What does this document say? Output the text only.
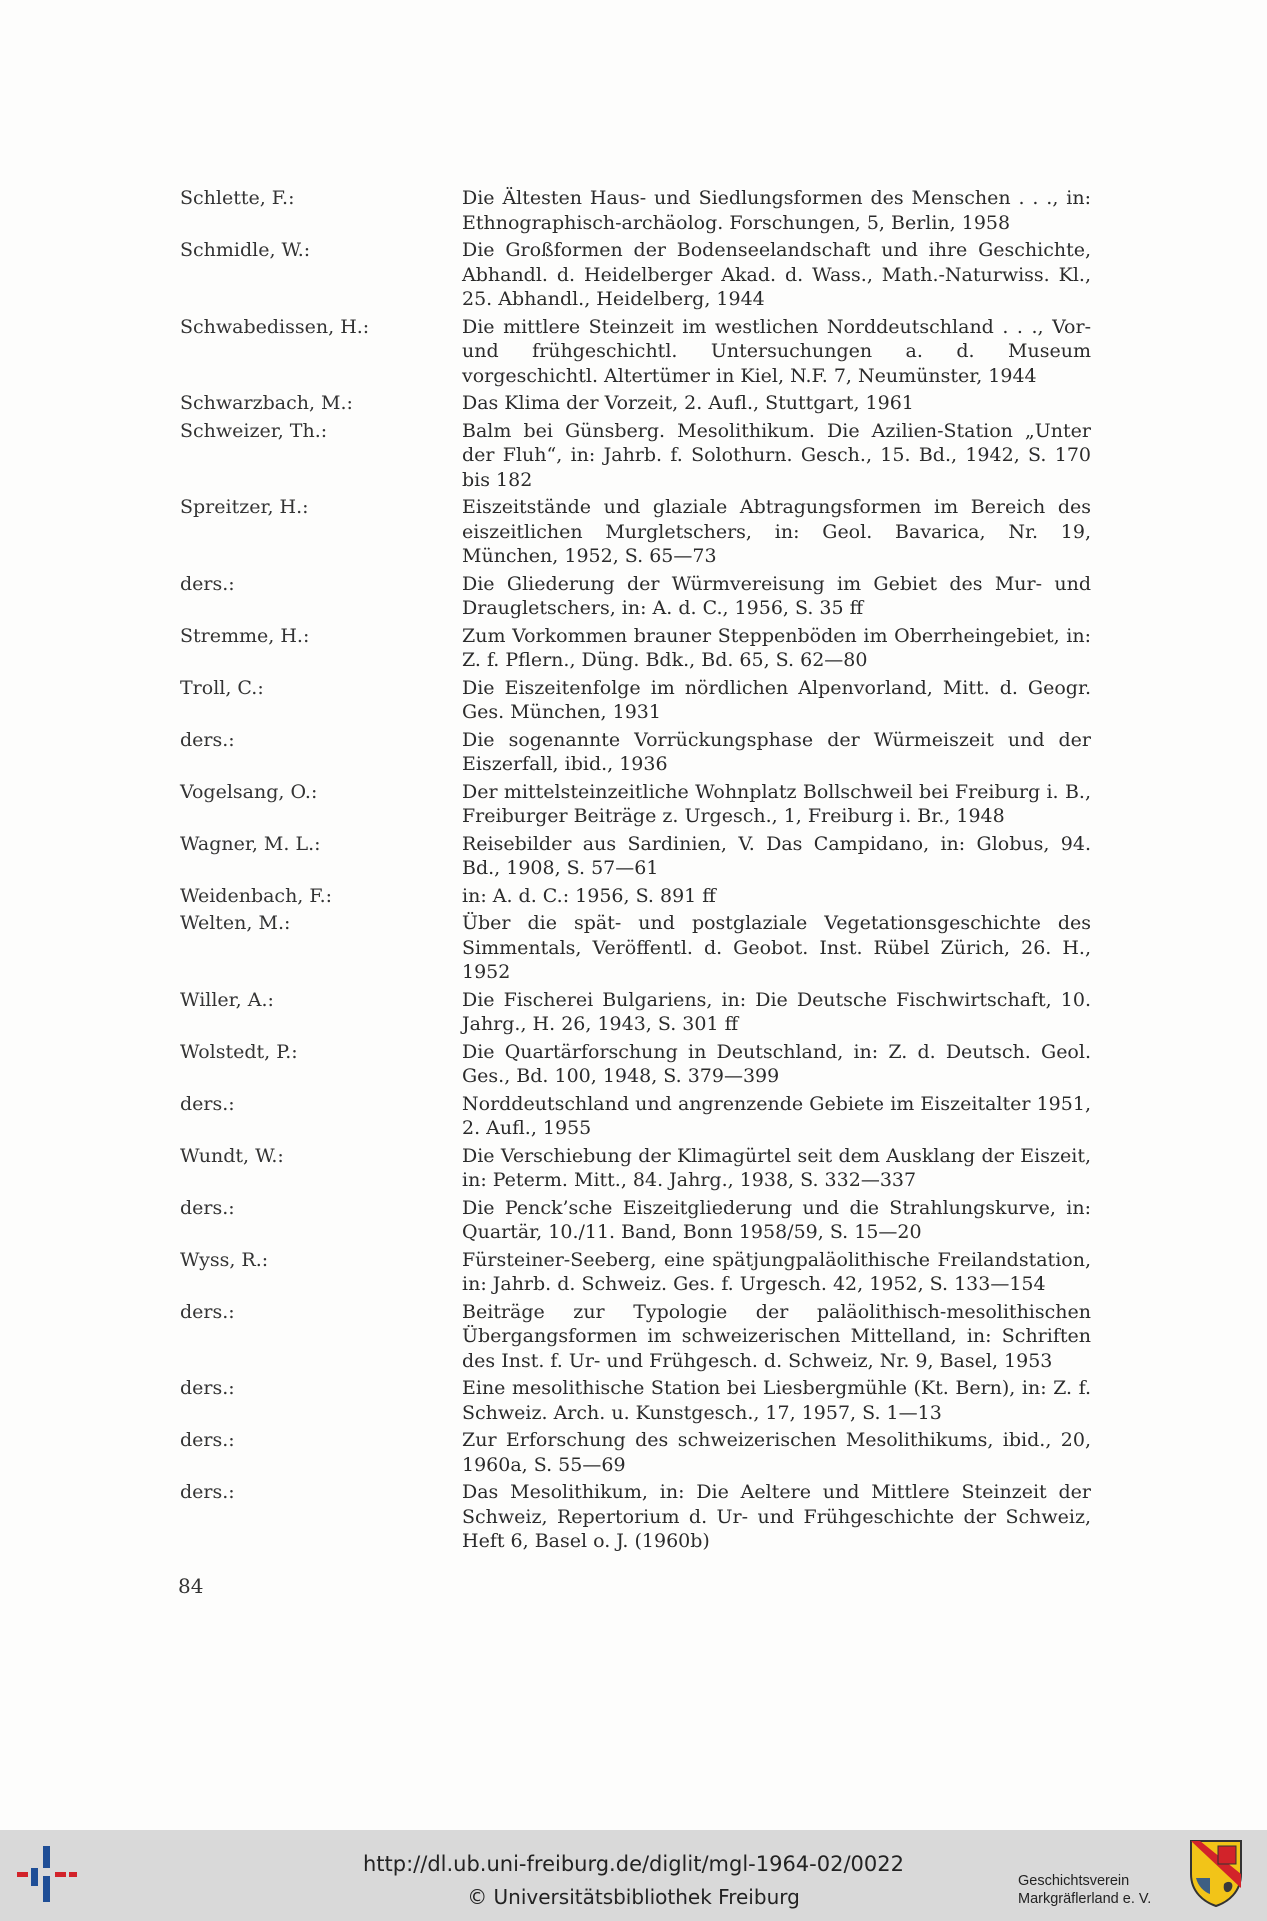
Schlette, F.:	Die Ältesten Haus- und Siedlungsformen des Menschen . . ., in: Ethnographisch-archäolog. Forschungen, 5, Berlin, 1958
Schmidle, W.:	Die Großformen der Bodenseelandschaft und ihre Geschichte, Abhandl. d. Heidelberger Akad. d. Wass., Math.-Naturwiss. Kl., 25. Abhandl., Heidelberg, 1944
Schwabedissen, H.:	Die mittlere Steinzeit im westlichen Norddeutschland . . ., Vor- und frühgeschichtl. Untersuchungen a. d. Museum vorgeschichtl. Altertümer in Kiel, N.F. 7, Neumünster, 1944
Schwarzbach, M.:	Das Klima der Vorzeit, 2. Aufl., Stuttgart, 1961
Schweizer, Th.:	Balm bei Günsberg. Mesolithikum. Die Azilien-Station „Unter der Fluh“, in: Jahrb. f. Solothurn. Gesch., 15. Bd., 1942, S. 170 bis 182
Spreitzer, H.:	Eiszeitstände und glaziale Abtragungsformen im Bereich des eiszeitlichen Murgletschers, in: Geol. Bavarica, Nr. 19, München, 1952, S. 65—73
ders.:	Die Gliederung der Würmvereisung im Gebiet des Mur- und Draugletschers, in: A. d. C., 1956, S. 35 ff
Stremme, H.:	Zum Vorkommen brauner Steppenböden im Oberrheingebiet, in: Z. f. Pflern., Düng. Bdk., Bd. 65, S. 62—80
Troll, C.:	Die Eiszeitenfolge im nördlichen Alpenvorland, Mitt. d. Geogr. Ges. München, 1931
ders.:	Die sogenannte Vorrückungsphase der Würmeiszeit und der Eiszerfall, ibid., 1936
Vogelsang, O.:	Der mittelsteinzeitliche Wohnplatz Bollschweil bei Freiburg i. B., Freiburger Beiträge z. Urgesch., 1, Freiburg i. Br., 1948
Wagner, M. L.:	Reisebilder aus Sardinien, V. Das Campidano, in: Globus, 94. Bd., 1908, S. 57—61
Weidenbach, F.:	in: A. d. C.: 1956, S. 891 ff
Welten, M.:	Über die spät- und postglaziale Vegetationsgeschichte des Simmentals, Veröffentl. d. Geobot. Inst. Rübel Zürich, 26. H., 1952
Willer, A.:	Die Fischerei Bulgariens, in: Die Deutsche Fischwirtschaft, 10. Jahrg., H. 26, 1943, S. 301 ff
Wolstedt, P.:	Die Quartärforschung in Deutschland, in: Z. d. Deutsch. Geol. Ges., Bd. 100, 1948, S. 379—399
ders.:	Norddeutschland und angrenzende Gebiete im Eiszeitalter 1951, 2. Aufl., 1955
Wundt, W.:	Die Verschiebung der Klimagürtel seit dem Ausklang der Eiszeit, in: Peterm. Mitt., 84. Jahrg., 1938, S. 332—337
ders.:	Die Penck’sche Eiszeitgliederung und die Strahlungskurve, in: Quartär, 10./11. Band, Bonn 1958/59, S. 15—20
Wyss, R.:	Fürsteiner-Seeberg, eine spätjungpaläolithische Freilandstation, in: Jahrb. d. Schweiz. Ges. f. Urgesch. 42, 1952, S. 133—154
ders.:	Beiträge zur Typologie der paläolithisch-mesolithischen Übergangsformen im schweizerischen Mittelland, in: Schriften des Inst. f. Ur- und Frühgesch. d. Schweiz, Nr. 9, Basel, 1953
ders.:	Eine mesolithische Station bei Liesbergmühle (Kt. Bern), in: Z. f. Schweiz. Arch. u. Kunstgesch., 17, 1957, S. 1—13
ders.:	Zur Erforschung des schweizerischen Mesolithikums, ibid., 20, 1960a, S. 55—69
ders.:	Das Mesolithikum, in: Die Aeltere und Mittlere Steinzeit der Schweiz, Repertorium d. Ur- und Frühgeschichte der Schweiz, Heft 6, Basel o. J. (1960b)
84
http://dl.ub.uni-freiburg.de/diglit/mgl-1964-02/0022
© Universitätsbibliothek Freiburg
Geschichtsverein
Markgräflerland e. V.
